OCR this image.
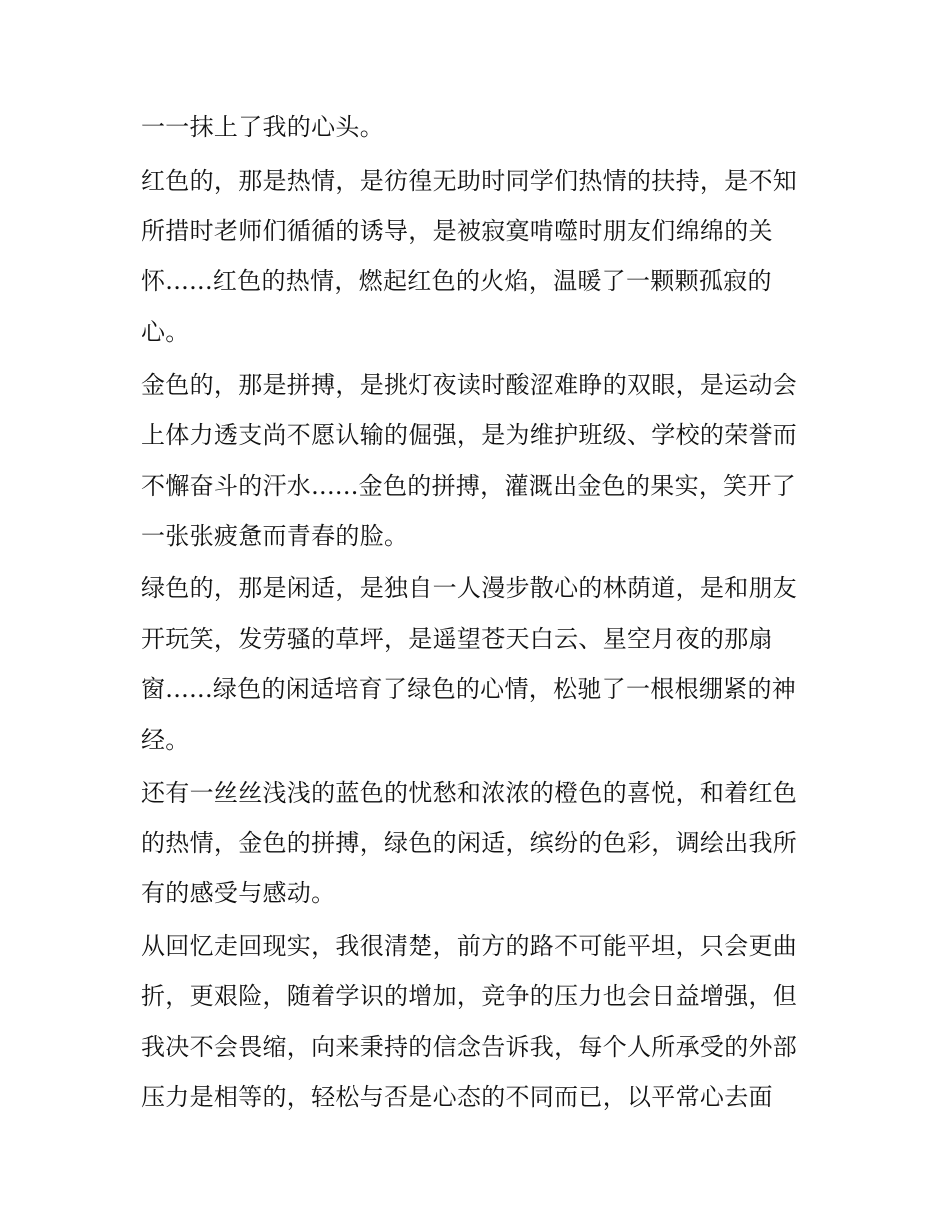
一一抹上了我的心头。
红色的，那是热情，是彷徨无助时同学们热情的扶持，是不知
所措时老师们循循的诱导，是被寂寞啃噬时朋友们绵绵的关
怀......红色的热情，燃起红色的火焰，温暖了一颗颗孤寂的
心。
金色的，那是拼搏，是挑灯夜读时酸涩难睁的双眼，是运动会
上体力透支尚不愿认输的倔强，是为维护班级、学校的荣誉而
不懈奋斗的汗水......金色的拼搏，灌溉出金色的果实，笑开了
一张张疲惫而青春的脸。
绿色的，那是闲适，是独自一人漫步散心的林荫道，是和朋友
开玩笑，发劳骚的草坪，是遥望苍天白云、星空月夜的那扇
窗......绿色的闲适培育了绿色的心情，松驰了一根根绷紧的神
经。
还有一丝丝浅浅的蓝色的忧愁和浓浓的橙色的喜悦，和着红色
的热情，金色的拼搏，绿色的闲适，缤纷的色彩，调绘出我所
有的感受与感动。
从回忆走回现实，我很清楚，前方的路不可能平坦，只会更曲
折，更艰险，随着学识的增加，竞争的压力也会日益增强，但
我决不会畏缩，向来秉持的信念告诉我，每个人所承受的外部
压力是相等的，轻松与否是心态的不同而已，以平常心去面
